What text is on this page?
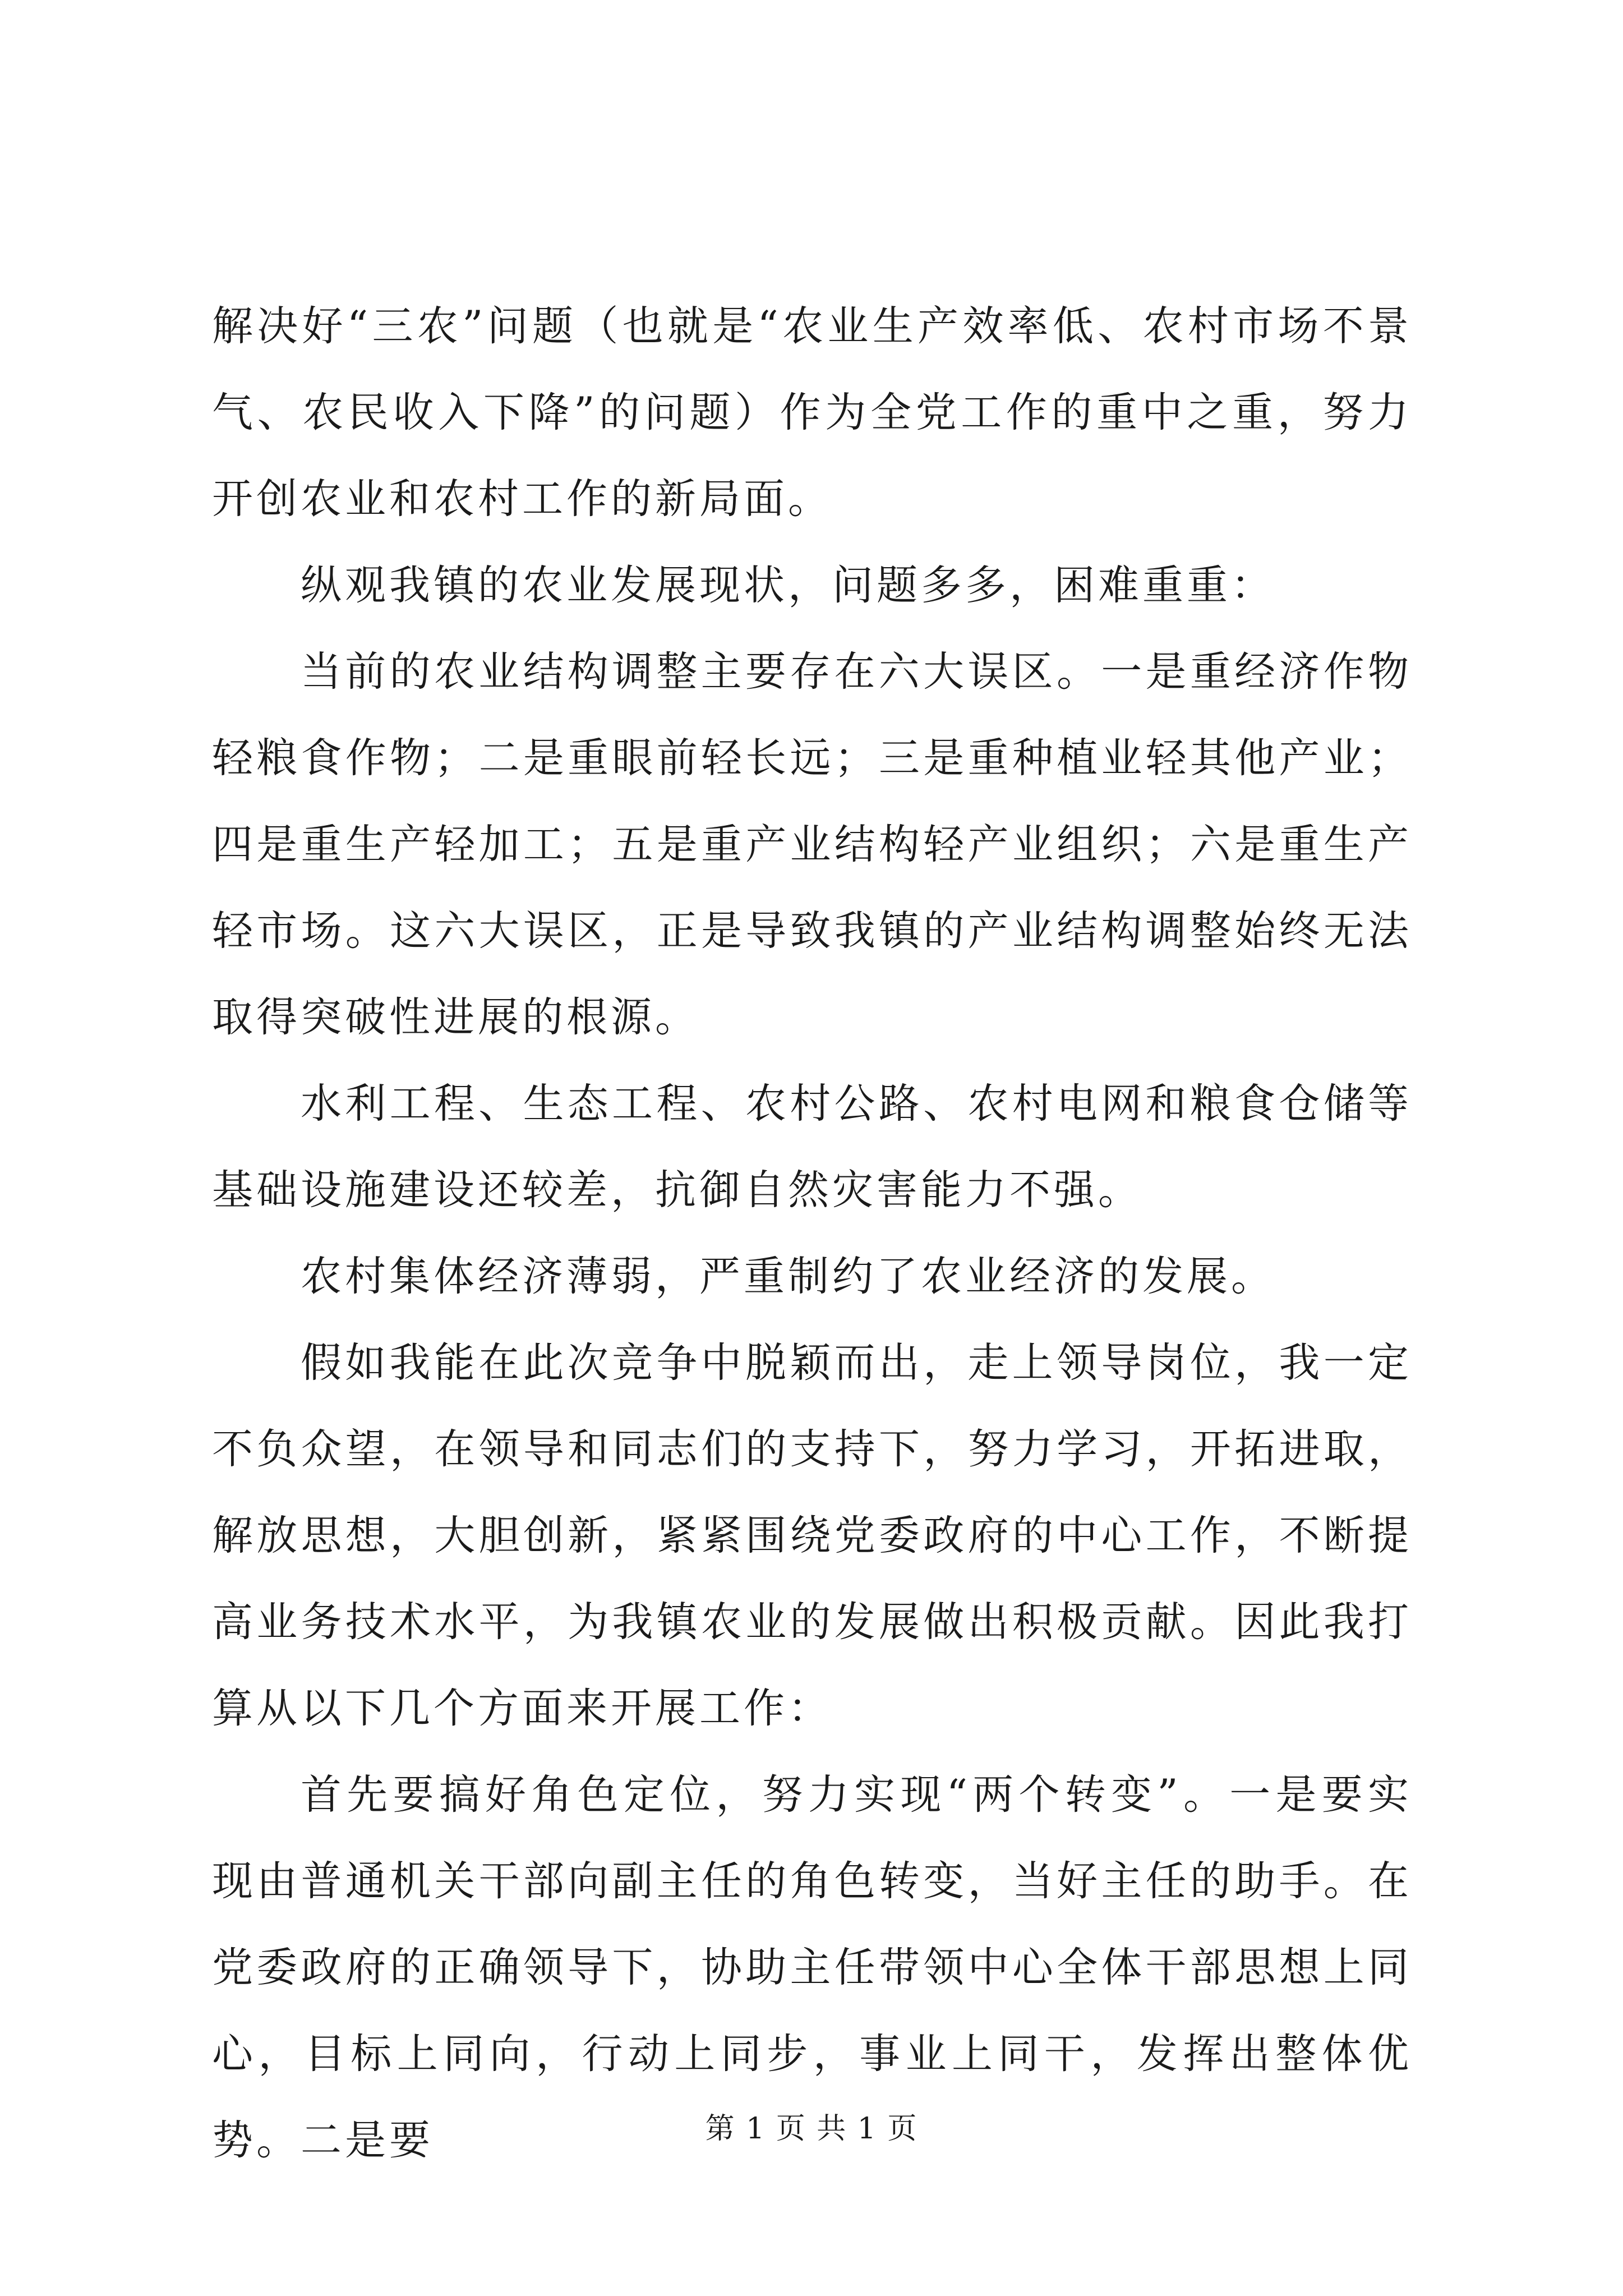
解决好“三农”问题（也就是“农业生产效率低、农村市场不景气、农民收入下降”的问题）作为全党工作的重中之重，努力开创农业和农村工作的新局面。

纵观我镇的农业发展现状，问题多多，困难重重：

当前的农业结构调整主要存在六大误区。一是重经济作物轻粮食作物；二是重眼前轻长远；三是重种植业轻其他产业；四是重生产轻加工；五是重产业结构轻产业组织；六是重生产轻市场。这六大误区，正是导致我镇的产业结构调整始终无法取得突破性进展的根源。

水利工程、生态工程、农村公路、农村电网和粮食仓储等基础设施建设还较差，抗御自然灾害能力不强。

农村集体经济薄弱，严重制约了农业经济的发展。

假如我能在此次竞争中脱颖而出，走上领导岗位，我一定不负众望，在领导和同志们的支持下，努力学习，开拓进取，解放思想，大胆创新，紧紧围绕党委政府的中心工作，不断提高业务技术水平，为我镇农业的发展做出积极贡献。因此我打算从以下几个方面来开展工作：

首先要搞好角色定位，努力实现“两个转变”。一是要实现由普通机关干部向副主任的角色转变，当好主任的助手。在党委政府的正确领导下，协助主任带领中心全体干部思想上同心，目标上同向，行动上同步，事业上同干，发挥出整体优势。二是要	第 1 页 共 1 页
